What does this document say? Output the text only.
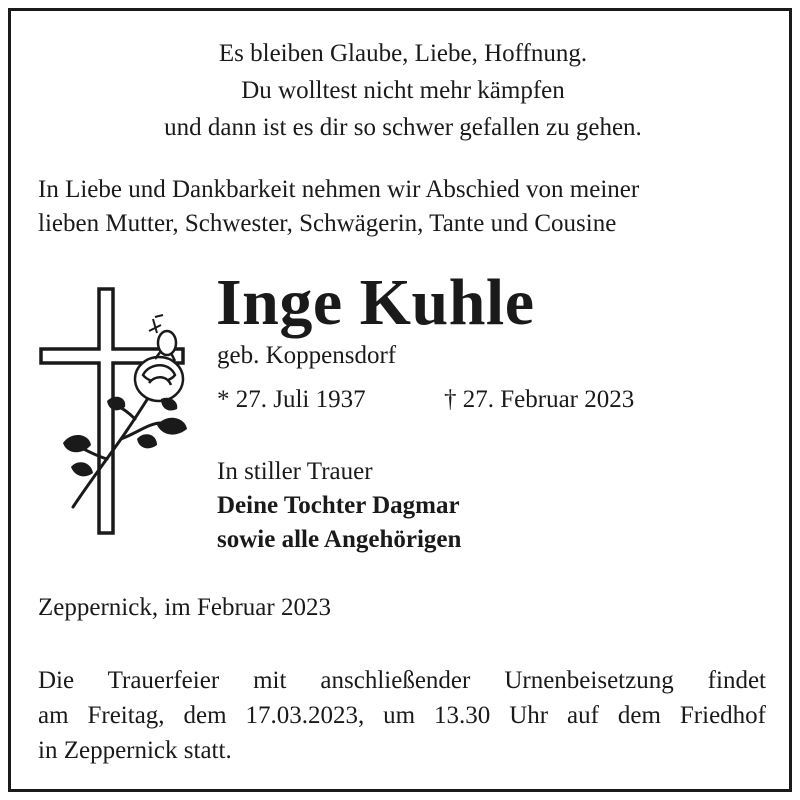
Es bleiben Glaube, Liebe, Hoffnung.
Du wolltest nicht mehr kämpfen
und dann ist es dir so schwer gefallen zu gehen.
In Liebe und Dankbarkeit nehmen wir Abschied von meiner
lieben Mutter, Schwester, Schwägerin, Tante und Cousine
Inge Kuhle
geb. Koppensdorf
* 27. Juli 1937	† 27. Februar 2023
In stiller Trauer
Deine Tochter Dagmar
sowie alle Angehörigen
Zeppernick, im Februar 2023
Die Trauerfeier mit anschließender Urnenbeisetzung findet
am Freitag, dem 17.03.2023, um 13.30 Uhr auf dem Friedhof
in Zeppernick statt.
